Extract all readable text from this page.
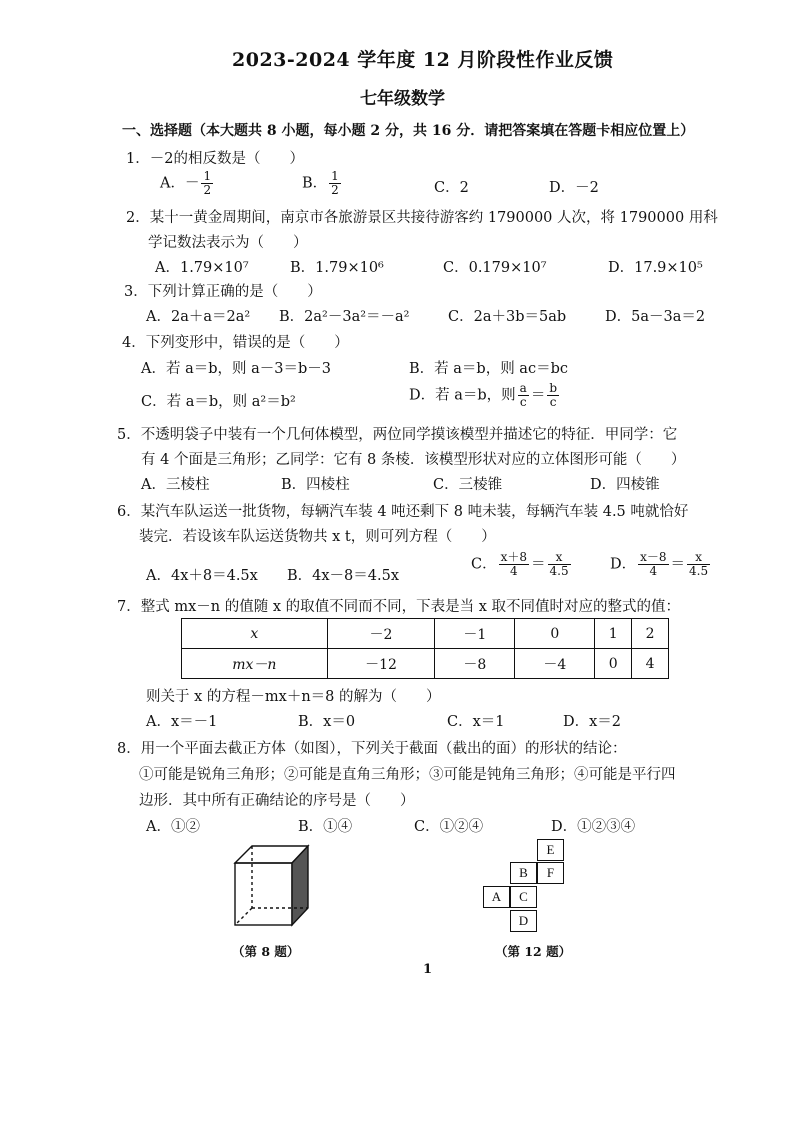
2023-2024 学年度 12 月阶段性作业反馈
七年级数学
一、选择题（本大题共 8 小题，每小题 2 分，共 16 分．请把答案填在答题卡相应位置上）
1．－2的相反数是（　　）
A．－ $\frac{1}{2}$	B． $\frac{1}{2}$	C．2	D．－2
2．某十一黄金周期间，南京市各旅游景区共接待游客约 1790000 人次，将 1790000 用科
学记数法表示为（　　）
A．1.79×10⁷	B．1.79×10⁶	C．0.179×10⁷	D．17.9×10⁵
3．下列计算正确的是（　　）
A．2a＋a＝2a² B．2a²－3a²＝－a²	C．2a＋3b＝5ab	D．5a－3a＝2
4．下列变形中，错误的是（　　）
A．若 a＝b，则 a－3＝b－3	B．若 a＝b，则 ac＝bc
C．若 a＝b，则 a²＝b²	D．若 a＝b，则 $\frac{a}{c} = \frac{b}{c}$
5．不透明袋子中装有一个几何体模型，两位同学摸该模型并描述它的特征．甲同学：它
有 4 个面是三角形；乙同学：它有 8 条棱．该模型形状对应的立体图形可能（　　）
A．三棱柱	B．四棱柱	C．三棱锥	D．四棱锥
6．某汽车队运送一批货物，每辆汽车装 4 吨还剩下 8 吨未装，每辆汽车装 4.5 吨就恰好
装完．若设该车队运送货物共 x t，则可列方程（　　）
A．4x＋8＝4.5x B．4x－8＝4.5x
C． $\frac{x+8}{4} = \frac{x}{4.5}$	D． $\frac{x-8}{4} = \frac{x}{4.5}$
7．整式 mx－n 的值随 x 的取值不同而不同，下表是当 x 取不同值时对应的整式的值：
x	－2	－1	0	1	2
mx－n	－12	－8	－4	0	4
则关于 x 的方程－mx＋n＝8 的解为（　　）
A．x＝－1	B．x＝0	C．x＝1	D．x＝2
8．用一个平面去截正方体（如图），下列关于截面（截出的面）的形状的结论：
①可能是锐角三角形；②可能是直角三角形；③可能是钝角三角形；④可能是平行四
边形．其中所有正确结论的序号是（　　）
A．①②	B．①④	C．①②④	D．①②③④
（第 8 题）
E
B	F
A	C
D
（第 12 题）
1
